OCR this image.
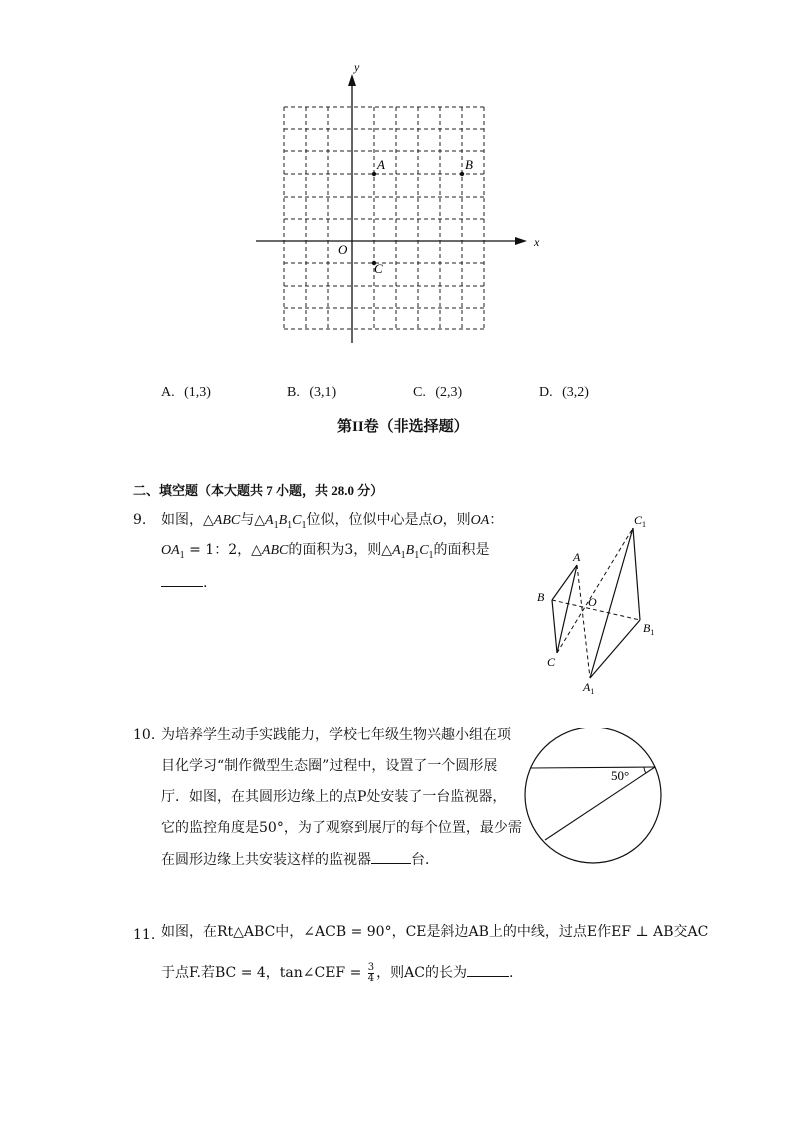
x
y
O
A	B
C
A. (1,3)	B. (3,1)	C. (2,3)	D. (3,2)
第II卷（非选择题）
二、填空题（本大题共 7 小题，共 28.0 分）
9. 如图，△ABC与$\triangle A_1B_1C_1$位似，位似中心是点O，则OA：
$OA_1 = 1$：2，△ABC的面积为3，则$\triangle A_1B_1C_1$的面积是
.
A
B
C
O
$C_1$
$B_1$
$A_1$
10. 为培养学生动手实践能力，学校七年级生物兴趣小组在项
目化学习“制作微型生态圈”过程中，设置了一个圆形展
厅．如图，在其圆形边缘上的点P处安装了一台监视器，
它的监控角度是50°，为了观察到展厅的每个位置，最少需
在圆形边缘上共安装这样的监视器	台．
50°
11. 如图，在Rt△ABC中，∠ACB = 90°，CE是斜边AB上的中线，过点E作EF ⊥ AB交AC
于点F.若BC = 4，tan∠CEF = $\frac{3}{4}$ ，则AC的长为	.
